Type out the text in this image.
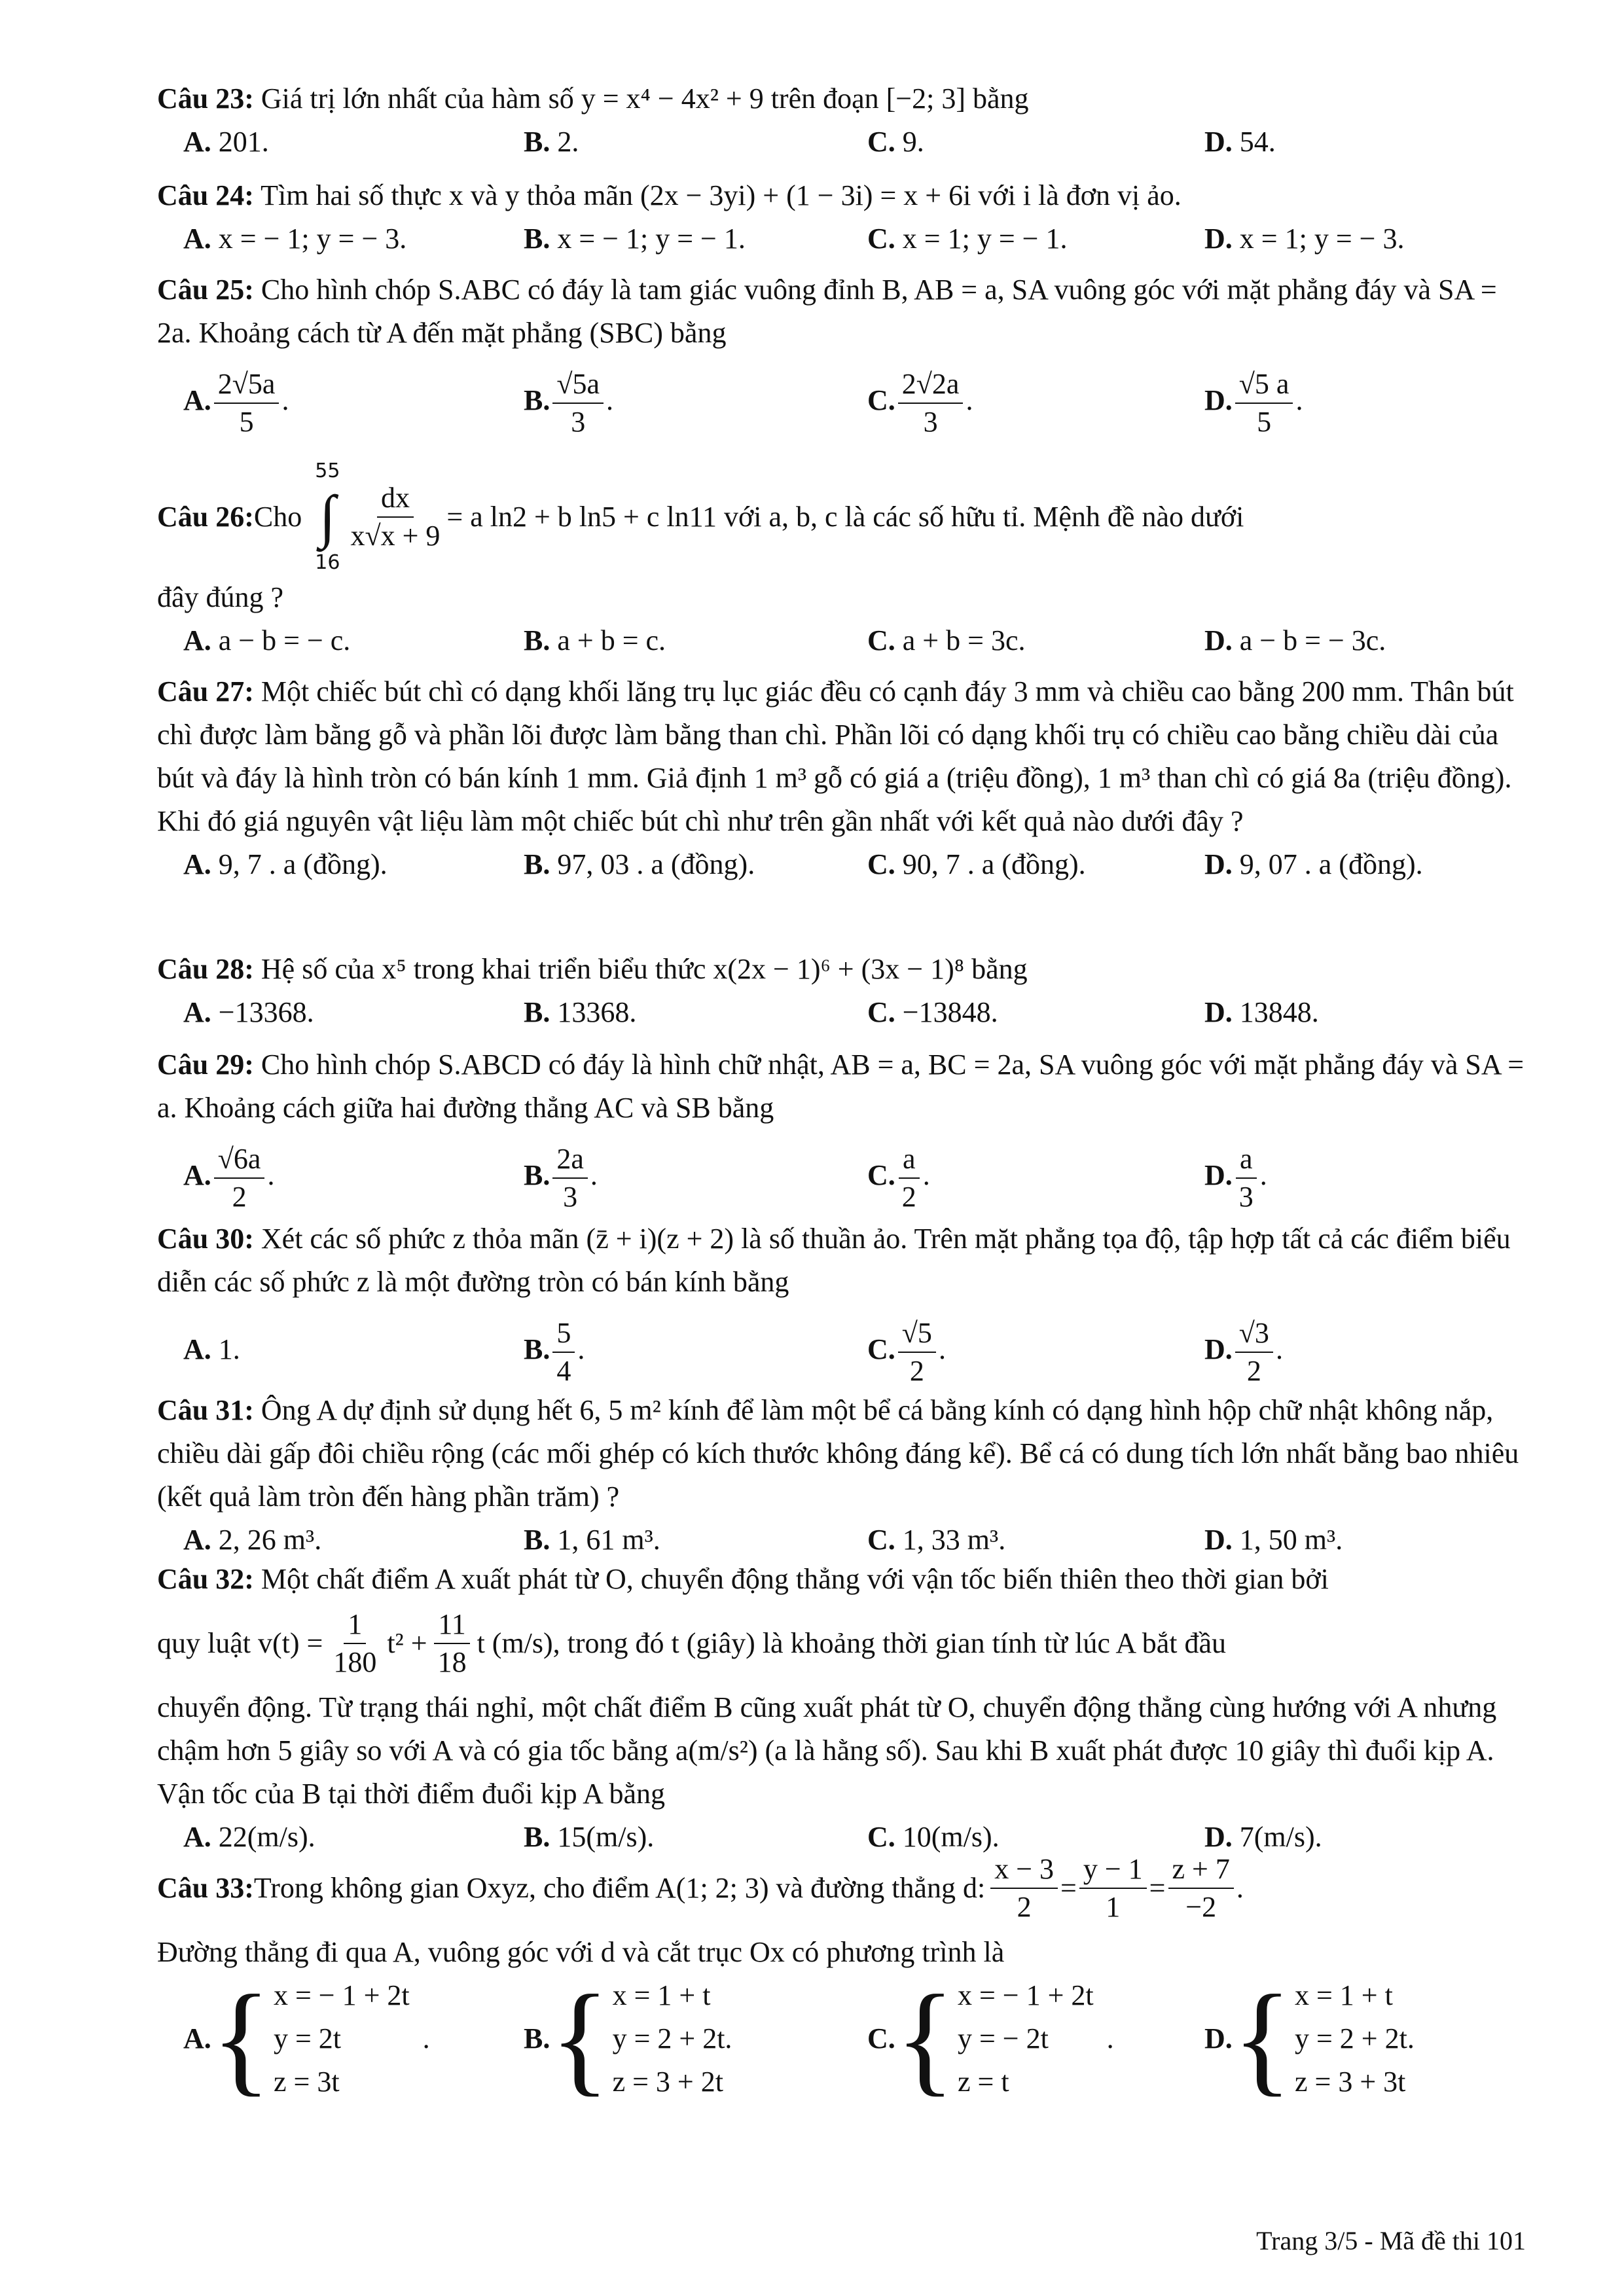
Câu 23: Giá trị lớn nhất của hàm số y = x⁴ − 4x² + 9 trên đoạn [−2; 3] bằng

A. 201.	B. 2.	C. 9.	D. 54.

Câu 24: Tìm hai số thực x và y thỏa mãn (2x − 3yi) + (1 − 3i) = x + 6i với i là đơn vị ảo.

A. x = − 1; y = − 3.	B. x = − 1; y = − 1.	C. x = 1; y = − 1.	D. x = 1; y = − 3.

Câu 25: Cho hình chóp S.ABC có đáy là tam giác vuông đỉnh B, AB = a, SA vuông góc với mặt phẳng đáy và SA = 2a. Khoảng cách từ A đến mặt phẳng (SBC) bằng

A. $\frac{2√5a}{5}$ .	B. $\frac{√5a}{3}$ .	C. $\frac{2√2a}{3}$ .	D. $\frac{√5 a}{5}$ .
Câu 26: Cho
55
∫
16
$\frac{dx}{x√x + 9} = a$ ln2 + b ln5 + c ln11 với a, b, c là các số hữu tỉ. Mệnh đề nào dưới

đây đúng ?

A. a − b = − c.	B. a + b = c.	C. a + b = 3c.	D. a − b = − 3c.

Câu 27: Một chiếc bút chì có dạng khối lăng trụ lục giác đều có cạnh đáy 3 mm và chiều cao bằng 200 mm. Thân bút chì được làm bằng gỗ và phần lõi được làm bằng than chì. Phần lõi có dạng khối trụ có chiều cao bằng chiều dài của bút và đáy là hình tròn có bán kính 1 mm. Giả định 1 m³ gỗ có giá a (triệu đồng), 1 m³ than chì có giá 8a (triệu đồng). Khi đó giá nguyên vật liệu làm một chiếc bút chì như trên gần nhất với kết quả nào dưới đây ?

A. 9, 7 . a (đồng).	B. 97, 03 . a (đồng).	C. 90, 7 . a (đồng).	D. 9, 07 . a (đồng).

Câu 28: Hệ số của x⁵ trong khai triển biểu thức x(2x − 1)⁶ + (3x − 1)⁸ bằng

A. −13368.	B. 13368.	C. −13848.	D. 13848.

Câu 29: Cho hình chóp S.ABCD có đáy là hình chữ nhật, AB = a, BC = 2a, SA vuông góc với mặt phẳng đáy và SA = a. Khoảng cách giữa hai đường thẳng AC và SB bằng

A. $\frac{√6a}{2}$ .	B. $\frac{2a}{3}$ .	C. $\frac{a}{2}$ .	D. $\frac{a}{3}$ .

Câu 30: Xét các số phức z thỏa mãn (z̄ + i)(z + 2) là số thuần ảo. Trên mặt phẳng tọa độ, tập hợp tất cả các điểm biểu diễn các số phức z là một đường tròn có bán kính bằng

A. 1.	B. $\frac{5}{4}$ .	C. $\frac{√5}{2}$ .	D. $\frac{√3}{2}$ .

Câu 31: Ông A dự định sử dụng hết 6, 5 m² kính để làm một bể cá bằng kính có dạng hình hộp chữ nhật không nắp, chiều dài gấp đôi chiều rộng (các mối ghép có kích thước không đáng kể). Bể cá có dung tích lớn nhất bằng bao nhiêu (kết quả làm tròn đến hàng phần trăm) ?

A. 2, 26 m³.	B. 1, 61 m³.	C. 1, 33 m³.	D. 1, 50 m³.

Câu 32: Một chất điểm A xuất phát từ O, chuyển động thẳng với vận tốc biến thiên theo thời gian bởi

quy luật $v(t) = \frac{1}{180} t^2 + \frac{11}{18}$ t (m/s), trong đó t (giây) là khoảng thời gian tính từ lúc A bắt đầu

chuyển động. Từ trạng thái nghỉ, một chất điểm B cũng xuất phát từ O, chuyển động thẳng cùng hướng với A nhưng chậm hơn 5 giây so với A và có gia tốc bằng a(m/s²) (a là hằng số). Sau khi B xuất phát được 10 giây thì đuổi kịp A. Vận tốc của B tại thời điểm đuổi kịp A bằng

A. 22(m/s).	B. 15(m/s).	C. 10(m/s).	D. 7(m/s).
Câu 33: Trong không gian Oxyz, cho điểm A(1; 2; 3) và đường thẳng d: $\frac{x - 3}{2} = \frac{y - 1}{1} = \frac{z + 7}{-2}$ .

Đường thẳng đi qua A, vuông góc với d và cắt trục Ox có phương trình là

A. { x = − 1 + 2t
y = 2t
z = 3t
.	B. { x = 1 + t
y = 2 + 2t.
z = 3 + 2t
C. { x = − 1 + 2t
y = − 2t
z = t
.	D. { x = 1 + t
y = 2 + 2t.
z = 3 + 3t
Trang 3/5 - Mã đề thi 101
